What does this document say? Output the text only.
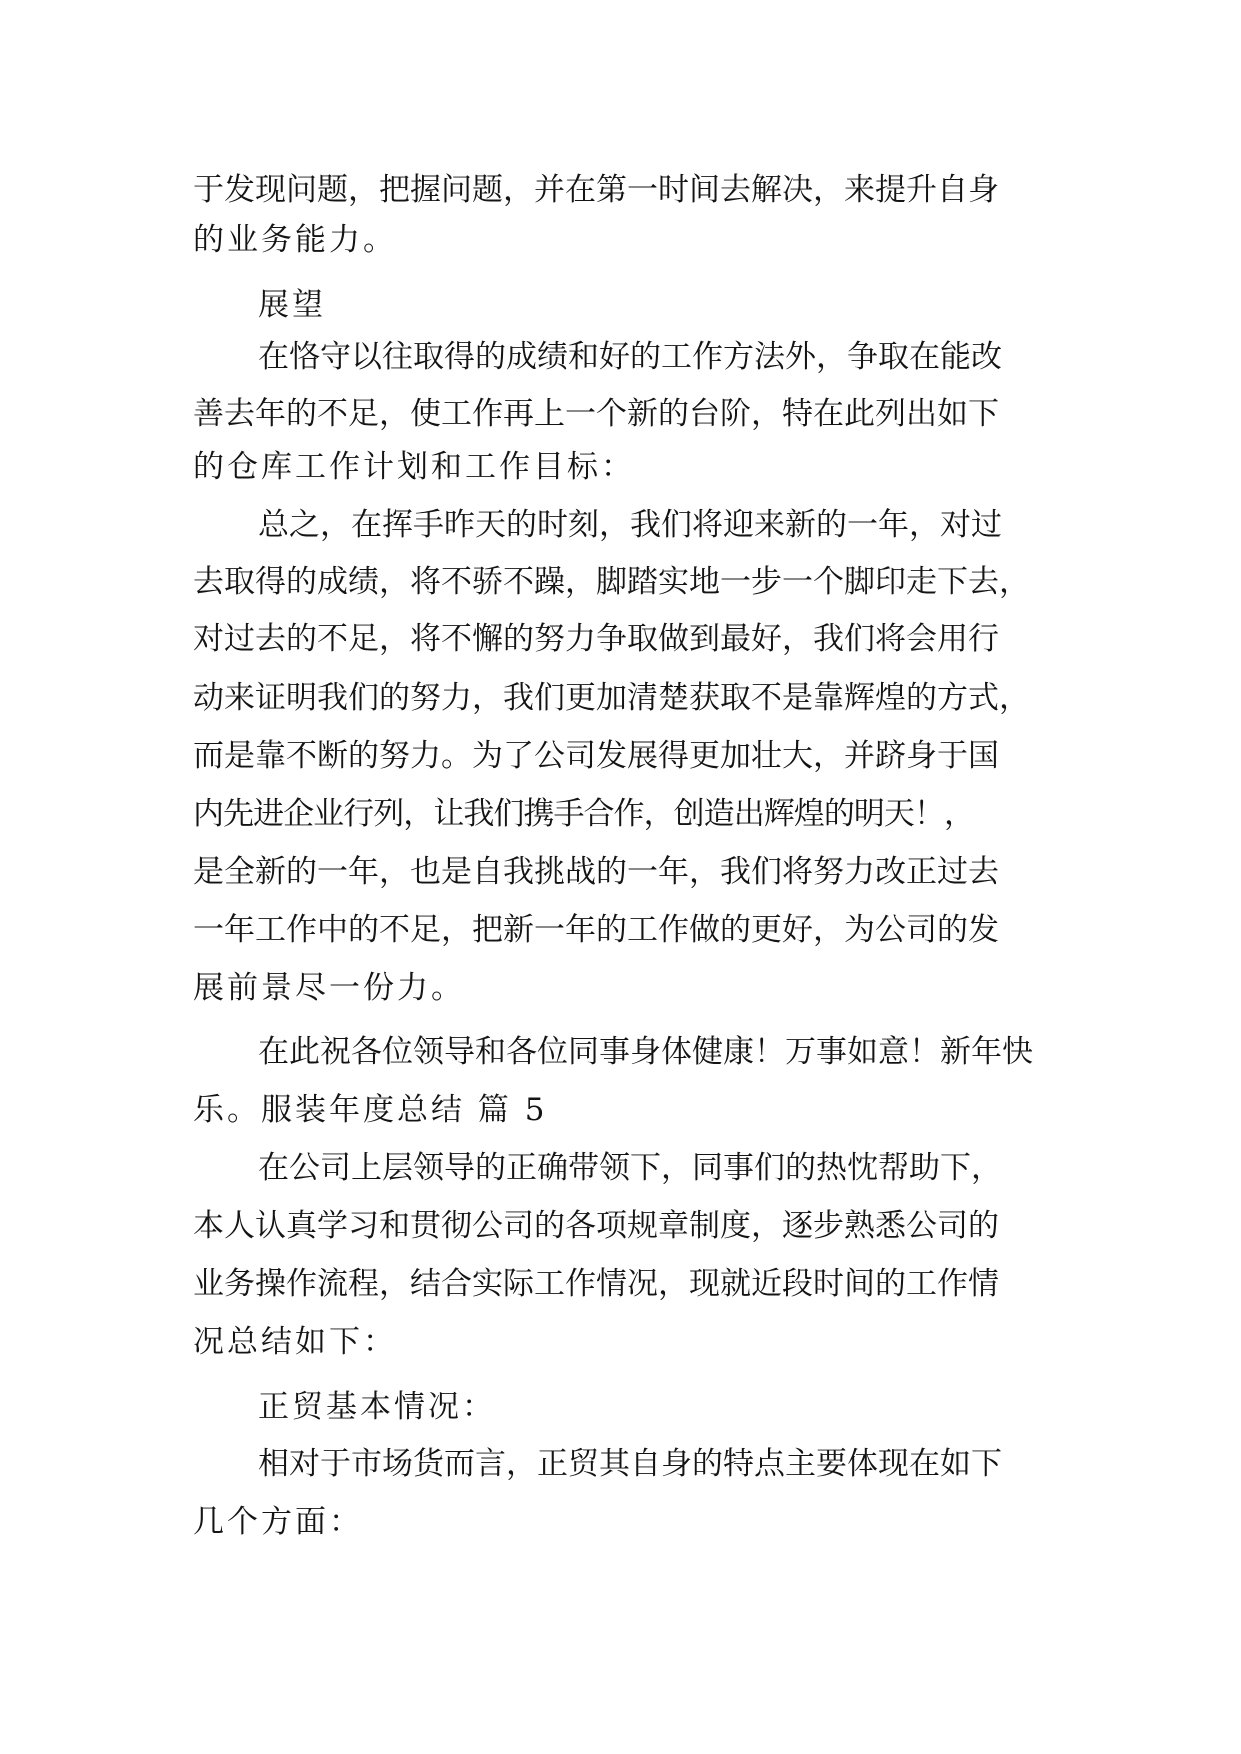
于发现问题，把握问题，并在第一时间去解决，来提升自身
的业务能力。
展望
在恪守以往取得的成绩和好的工作方法外，争取在能改
善去年的不足，使工作再上一个新的台阶，特在此列出如下
的仓库工作计划和工作目标：
总之，在挥手昨天的时刻，我们将迎来新的一年，对过
去取得的成绩，将不骄不躁，脚踏实地一步一个脚印走下去，
对过去的不足，将不懈的努力争取做到最好，我们将会用行
动来证明我们的努力，我们更加清楚获取不是靠辉煌的方式，
而是靠不断的努力。为了公司发展得更加壮大，并跻身于国
内先进企业行列，让我们携手合作，创造出辉煌的明天！，
是全新的一年，也是自我挑战的一年，我们将努力改正过去
一年工作中的不足，把新一年的工作做的更好，为公司的发
展前景尽一份力。
在此祝各位领导和各位同事身体健康！万事如意！新年快
乐。服装年度总结 篇 5
在公司上层领导的正确带领下，同事们的热忱帮助下，
本人认真学习和贯彻公司的各项规章制度，逐步熟悉公司的
业务操作流程，结合实际工作情况，现就近段时间的工作情
况总结如下：
正贸基本情况：
相对于市场货而言，正贸其自身的特点主要体现在如下
几个方面：
